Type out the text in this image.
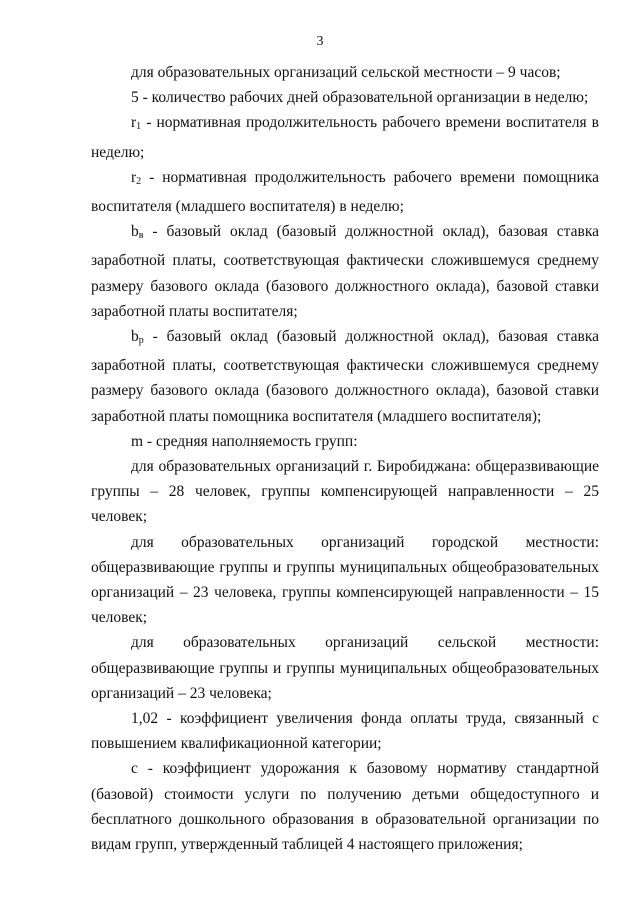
3

для образовательных организаций сельской местности – 9 часов;

5 - количество рабочих дней образовательной организации в неделю;

$r_1$ - нормативная продолжительность рабочего времени воспитателя в неделю;

$r_2$ - нормативная продолжительность рабочего времени помощника воспитателя (младшего воспитателя) в неделю;

$b_в$ - базовый оклад (базовый должностной оклад), базовая ставка заработной платы, соответствующая фактически сложившемуся среднему размеру базового оклада (базового должностного оклада), базовой ставки заработной платы воспитателя;

$b_р$ - базовый оклад (базовый должностной оклад), базовая ставка заработной платы, соответствующая фактически сложившемуся среднему размеру базового оклада (базового должностного оклада), базовой ставки заработной платы помощника воспитателя (младшего воспитателя);

m - средняя наполняемость групп:

для образовательных организаций г. Биробиджана: общеразвивающие группы – 28 человек, группы компенсирующей направленности – 25 человек;

для образовательных организаций городской местности: общеразвивающие группы и группы муниципальных общеобразовательных организаций – 23 человека, группы компенсирующей направленности – 15 человек;

для образовательных организаций сельской местности: общеразвивающие группы и группы муниципальных общеобразовательных организаций – 23 человека;

1,02 - коэффициент увеличения фонда оплаты труда, связанный с повышением квалификационной категории;

с - коэффициент удорожания к базовому нормативу стандартной (базовой) стоимости услуги по получению детьми общедоступного и бесплатного дошкольного образования в образовательной организации по видам групп, утвержденный таблицей 4 настоящего приложения;
